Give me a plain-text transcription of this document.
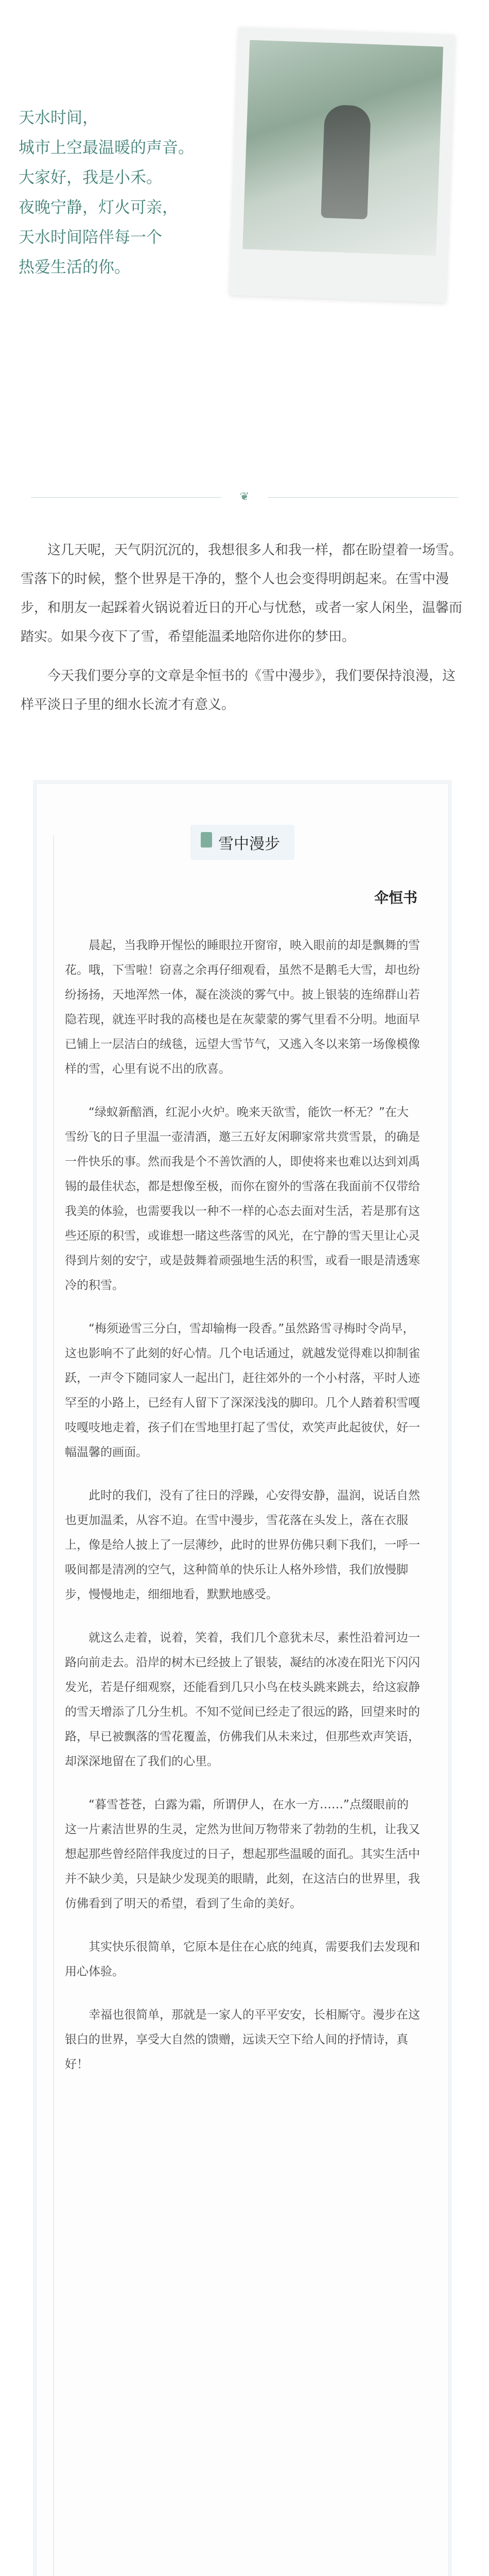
天水时间，

城市上空最温暖的声音。

大家好，我是小禾。

夜晚宁静，灯火可亲，

天水时间陪伴每一个

热爱生活的你。

❦

这几天呢，天气阴沉沉的，我想很多人和我一样，都在盼望着一场雪。雪落下的时候，整个世界是干净的，整个人也会变得明朗起来。在雪中漫步，和朋友一起踩着火锅说着近日的开心与忧愁，或者一家人闲坐，温馨而踏实。如果今夜下了雪，希望能温柔地陪你进你的梦田。

今天我们要分享的文章是伞恒书的《雪中漫步》，我们要保持浪漫，这样平淡日子里的细水长流才有意义。

雪中漫步
伞恒书

晨起，当我睁开惺忪的睡眼拉开窗帘，映入眼前的却是飘舞的雪花。哦，下雪啦！窃喜之余再仔细观看，虽然不是鹅毛大雪，却也纷纷扬扬，天地浑然一体，凝在淡淡的雾气中。披上银装的连绵群山若隐若现，就连平时我的高楼也是在灰蒙蒙的雾气里看不分明。地面早已铺上一层洁白的绒毯，远望大雪节气，又逃入冬以来第一场像模像样的雪，心里有说不出的欣喜。

“绿蚁新醅酒，红泥小火炉。晚来天欲雪，能饮一杯无？”在大雪纷飞的日子里温一壶清酒，邀三五好友闲聊家常共赏雪景，的确是一件快乐的事。然而我是个不善饮酒的人，即使将来也难以达到刘禹锡的最佳状态，都是想像至极，而你在窗外的雪落在我面前不仅带给我美的体验，也需要我以一种不一样的心态去面对生活，若是那有这些还原的积雪，或谁想一睹这些落雪的风光，在宁静的雪天里让心灵得到片刻的安宁，或是鼓舞着顽强地生活的积雪，或看一眼是清透寒冷的积雪。

“梅须逊雪三分白，雪却输梅一段香。”虽然路雪寻梅时令尚早，这也影响不了此刻的好心情。几个电话通过，就越发觉得难以抑制雀跃，一声令下随同家人一起出门，赶往郊外的一个小村落，平时人迹罕至的小路上，已经有人留下了深深浅浅的脚印。几个人踏着积雪嘎吱嘎吱地走着，孩子们在雪地里打起了雪仗，欢笑声此起彼伏，好一幅温馨的画面。

此时的我们，没有了往日的浮躁，心安得安静，温润，说话自然也更加温柔，从容不迫。在雪中漫步，雪花落在头发上，落在衣服上，像是给人披上了一层薄纱，此时的世界仿佛只剩下我们，一呼一吸间都是清冽的空气，这种简单的快乐让人格外珍惜，我们放慢脚步，慢慢地走，细细地看，默默地感受。

就这么走着，说着，笑着，我们几个意犹未尽，素性沿着河边一路向前走去。沿岸的树木已经披上了银装，凝结的冰凌在阳光下闪闪发光，若是仔细观察，还能看到几只小鸟在枝头跳来跳去，给这寂静的雪天增添了几分生机。不知不觉间已经走了很远的路，回望来时的路，早已被飘落的雪花覆盖，仿佛我们从未来过，但那些欢声笑语，却深深地留在了我们的心里。

“暮雪苍苍，白露为霜，所谓伊人，在水一方……”点缀眼前的这一片素洁世界的生灵，定然为世间万物带来了勃勃的生机，让我又想起那些曾经陪伴我度过的日子，想起那些温暖的面孔。其实生活中并不缺少美，只是缺少发现美的眼睛，此刻，在这洁白的世界里，我仿佛看到了明天的希望，看到了生命的美好。

其实快乐很简单，它原本是住在心底的纯真，需要我们去发现和用心体验。

幸福也很简单，那就是一家人的平平安安，长相厮守。漫步在这银白的世界，享受大自然的馈赠，远读天空下给人间的抒情诗，真好！
